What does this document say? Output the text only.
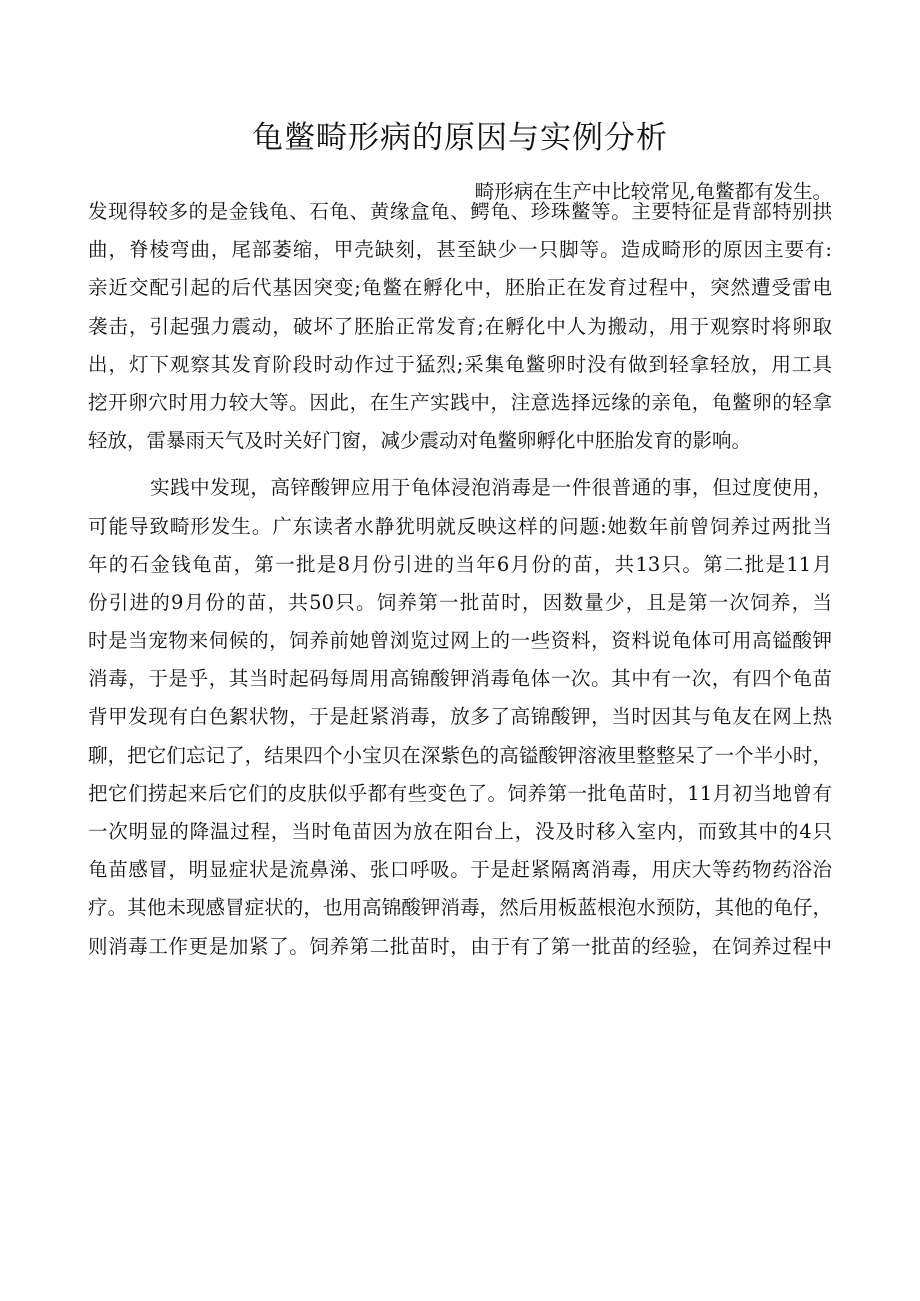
龟鳖畸形病的原因与实例分析

畸形病在生产中比较常见,龟鳖都有发生。

发现得较多的是金钱龟、石龟、黄缘盒龟、鳄龟、珍珠鳖等。主要特征是背部特别拱
曲，脊棱弯曲，尾部萎缩，甲壳缺刻，甚至缺少一只脚等。造成畸形的原因主要有:
亲近交配引起的后代基因突变;龟鳖在孵化中，胚胎正在发育过程中，突然遭受雷电
袭击，引起强力震动，破坏了胚胎正常发育;在孵化中人为搬动，用于观察时将卵取
出，灯下观察其发育阶段时动作过于猛烈;采集龟鳖卵时没有做到轻拿轻放，用工具
挖开卵穴时用力较大等。因此，在生产实践中，注意选择远缘的亲龟，龟鳖卵的轻拿
轻放，雷暴雨天气及时关好门窗，减少震动对龟鳖卵孵化中胚胎发育的影响。
实践中发现，高锌酸钾应用于龟体浸泡消毒是一件很普通的事，但过度使用，
可能导致畸形发生。广东读者水静犹明就反映这样的问题:她数年前曾饲养过两批当
年的石金钱龟苗，第一批是8月份引进的当年6月份的苗，共13只。第二批是11月
份引进的9月份的苗，共50只。饲养第一批苗时，因数量少，且是第一次饲养，当
时是当宠物来伺候的，饲养前她曾浏览过网上的一些资料，资料说龟体可用高镒酸钾
消毒，于是乎，其当时起码每周用高锦酸钾消毒龟体一次。其中有一次，有四个龟苗
背甲发现有白色絮状物，于是赶紧消毒，放多了高锦酸钾，当时因其与龟友在网上热
聊，把它们忘记了，结果四个小宝贝在深紫色的高镒酸钾溶液里整整呆了一个半小时，
把它们捞起来后它们的皮肤似乎都有些变色了。饲养第一批龟苗时，11月初当地曾有
一次明显的降温过程，当时龟苗因为放在阳台上，没及时移入室内，而致其中的4只
龟苗感冒，明显症状是流鼻涕、张口呼吸。于是赶紧隔离消毒，用庆大等药物药浴治
疗。其他未现感冒症状的，也用高锦酸钾消毒，然后用板蓝根泡水预防，其他的龟仔，
则消毒工作更是加紧了。饲养第二批苗时，由于有了第一批苗的经验，在饲养过程中
